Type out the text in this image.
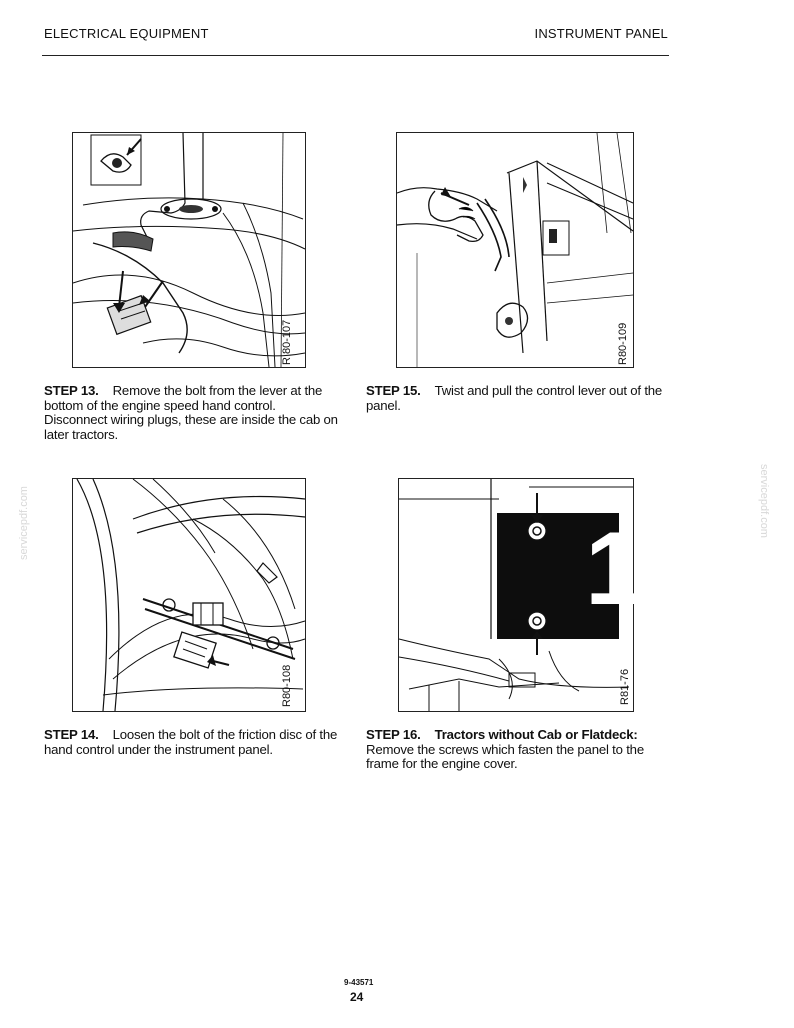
ELECTRICAL EQUIPMENT	INSTRUMENT PANEL
R 80-107	R80-109
STEP 13. Remove the bolt from the lever at the bottom of the engine speed hand control. Disconnect wiring plugs, these are inside the cab on later tractors.
STEP 15. Twist and pull the control lever out of the panel.
R80-108
1
R81-76
STEP 14. Loosen the bolt of the friction disc of the hand control under the instrument panel.
STEP 16. Tractors without Cab or Flatdeck:
Remove the screws which fasten the panel to the frame for the engine cover.
servicepdf.com	servicepdf.com
9-43571
24
